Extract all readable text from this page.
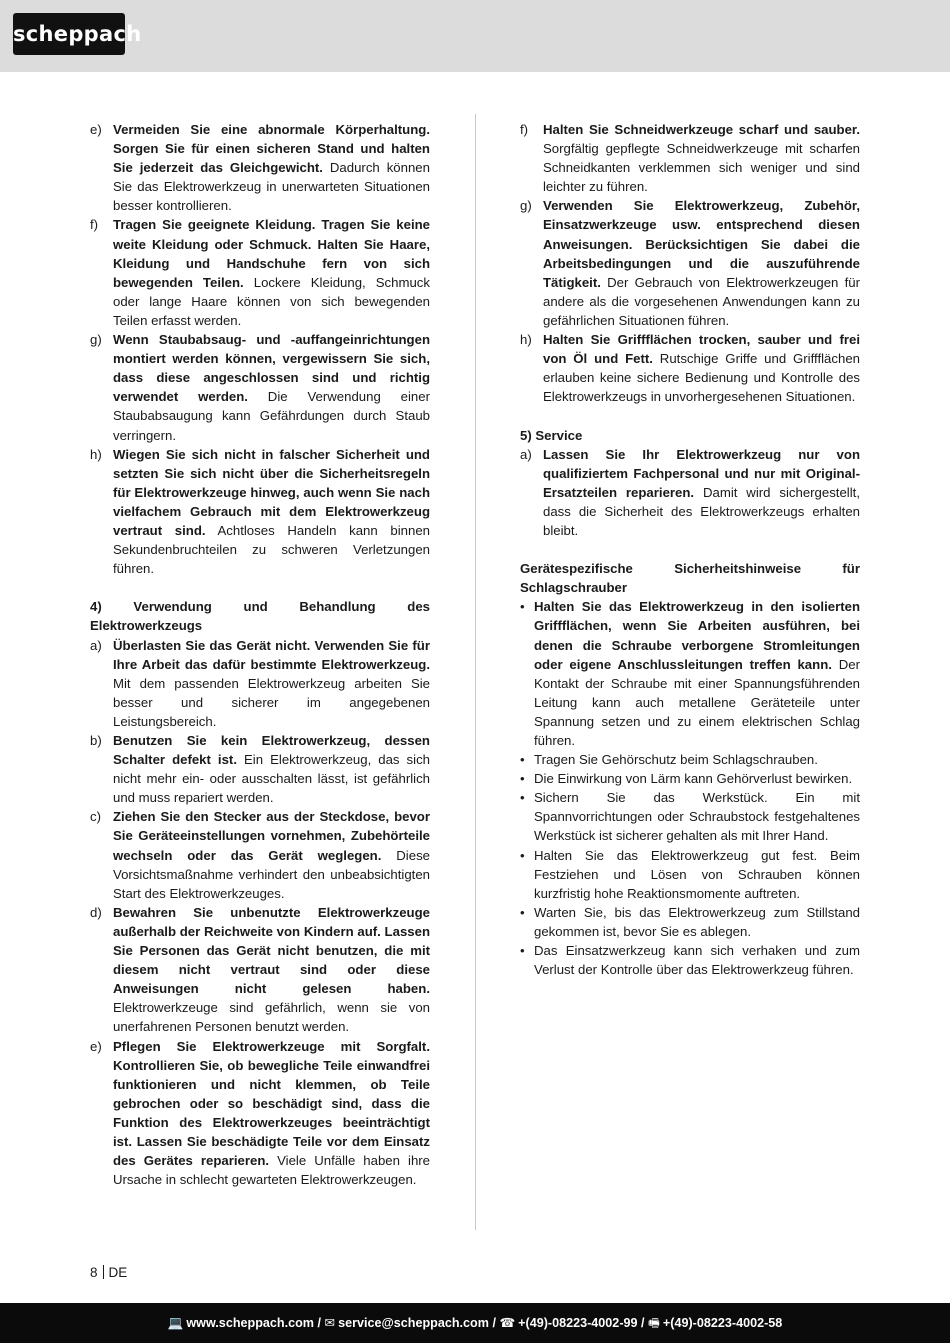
scheppach
e) Vermeiden Sie eine abnormale Körperhaltung. Sorgen Sie für einen sicheren Stand und halten Sie jederzeit das Gleichgewicht. Dadurch können Sie das Elektrowerkzeug in unerwarteten Situationen besser kontrollieren.
f) Tragen Sie geeignete Kleidung. Tragen Sie keine weite Kleidung oder Schmuck. Halten Sie Haare, Kleidung und Handschuhe fern von sich bewegenden Teilen. Lockere Kleidung, Schmuck oder lange Haare können von sich bewegenden Teilen erfasst werden.
g) Wenn Staubabsaug- und -auffangeinrichtungen montiert werden können, vergewissern Sie sich, dass diese angeschlossen sind und richtig verwendet werden. Die Verwendung einer Staubabsaugung kann Gefährdungen durch Staub verringern.
h) Wiegen Sie sich nicht in falscher Sicherheit und setzten Sie sich nicht über die Sicherheitsregeln für Elektrowerkzeuge hinweg, auch wenn Sie nach vielfachem Gebrauch mit dem Elektrowerkzeug vertraut sind. Achtloses Handeln kann binnen Sekundenbruchteilen zu schweren Verletzungen führen.
4) Verwendung und Behandlung des Elektrowerkzeugs
a) Überlasten Sie das Gerät nicht. Verwenden Sie für Ihre Arbeit das dafür bestimmte Elektrowerkzeug. Mit dem passenden Elektrowerkzeug arbeiten Sie besser und sicherer im angegebenen Leistungsbereich.
b) Benutzen Sie kein Elektrowerkzeug, dessen Schalter defekt ist. Ein Elektrowerkzeug, das sich nicht mehr ein- oder ausschalten lässt, ist gefährlich und muss repariert werden.
c) Ziehen Sie den Stecker aus der Steckdose, bevor Sie Geräteeinstellungen vornehmen, Zubehörteile wechseln oder das Gerät weglegen. Diese Vorsichtsmaßnahme verhindert den unbeabsichtigten Start des Elektrowerkzeuges.
d) Bewahren Sie unbenutzte Elektrowerkzeuge außerhalb der Reichweite von Kindern auf. Lassen Sie Personen das Gerät nicht benutzen, die mit diesem nicht vertraut sind oder diese Anweisungen nicht gelesen haben. Elektrowerkzeuge sind gefährlich, wenn sie von unerfahrenen Personen benutzt werden.
e) Pflegen Sie Elektrowerkzeuge mit Sorgfalt. Kontrollieren Sie, ob bewegliche Teile einwandfrei funktionieren und nicht klemmen, ob Teile gebrochen oder so beschädigt sind, dass die Funktion des Elektrowerkzeuges beeinträchtigt ist. Lassen Sie beschädigte Teile vor dem Einsatz des Gerätes reparieren. Viele Unfälle haben ihre Ursache in schlecht gewarteten Elektrowerkzeugen.
f) Halten Sie Schneidwerkzeuge scharf und sauber. Sorgfältig gepflegte Schneidwerkzeuge mit scharfen Schneidkanten verklemmen sich weniger und sind leichter zu führen.
g) Verwenden Sie Elektrowerkzeug, Zubehör, Einsatzwerkzeuge usw. entsprechend diesen Anweisungen. Berücksichtigen Sie dabei die Arbeitsbedingungen und die auszuführende Tätigkeit. Der Gebrauch von Elektrowerkzeugen für andere als die vorgesehenen Anwendungen kann zu gefährlichen Situationen führen.
h) Halten Sie Griffflächen trocken, sauber und frei von Öl und Fett. Rutschige Griffe und Griffflächen erlauben keine sichere Bedienung und Kontrolle des Elektrowerkzeugs in unvorhergesehenen Situationen.
5) Service
a) Lassen Sie Ihr Elektrowerkzeug nur von qualifiziertem Fachpersonal und nur mit Original-Ersatzteilen reparieren. Damit wird sichergestellt, dass die Sicherheit des Elektrowerkzeugs erhalten bleibt.
Gerätespezifische Sicherheitshinweise für Schlagschrauber
• Halten Sie das Elektrowerkzeug in den isolierten Griffflächen, wenn Sie Arbeiten ausführen, bei denen die Schraube verborgene Stromleitungen oder eigene Anschlussleitungen treffen kann. Der Kontakt der Schraube mit einer Spannungsführenden Leitung kann auch metallene Geräteteile unter Spannung setzen und zu einem elektrischen Schlag führen.
• Tragen Sie Gehörschutz beim Schlagschrauben.
• Die Einwirkung von Lärm kann Gehörverlust bewirken.
• Sichern Sie das Werkstück. Ein mit Spannvorrichtungen oder Schraubstock festgehaltenes Werkstück ist sicherer gehalten als mit Ihrer Hand.
• Halten Sie das Elektrowerkzeug gut fest. Beim Festziehen und Lösen von Schrauben können kurzfristig hohe Reaktionsmomente auftreten.
• Warten Sie, bis das Elektrowerkzeug zum Stillstand gekommen ist, bevor Sie es ablegen.
• Das Einsatzwerkzeug kann sich verhaken und zum Verlust der Kontrolle über das Elektrowerkzeug führen.
8 DE
💻 www.scheppach.com / ✉ service@scheppach.com / ☎ +(49)-08223-4002-99 / 🖷 +(49)-08223-4002-58
